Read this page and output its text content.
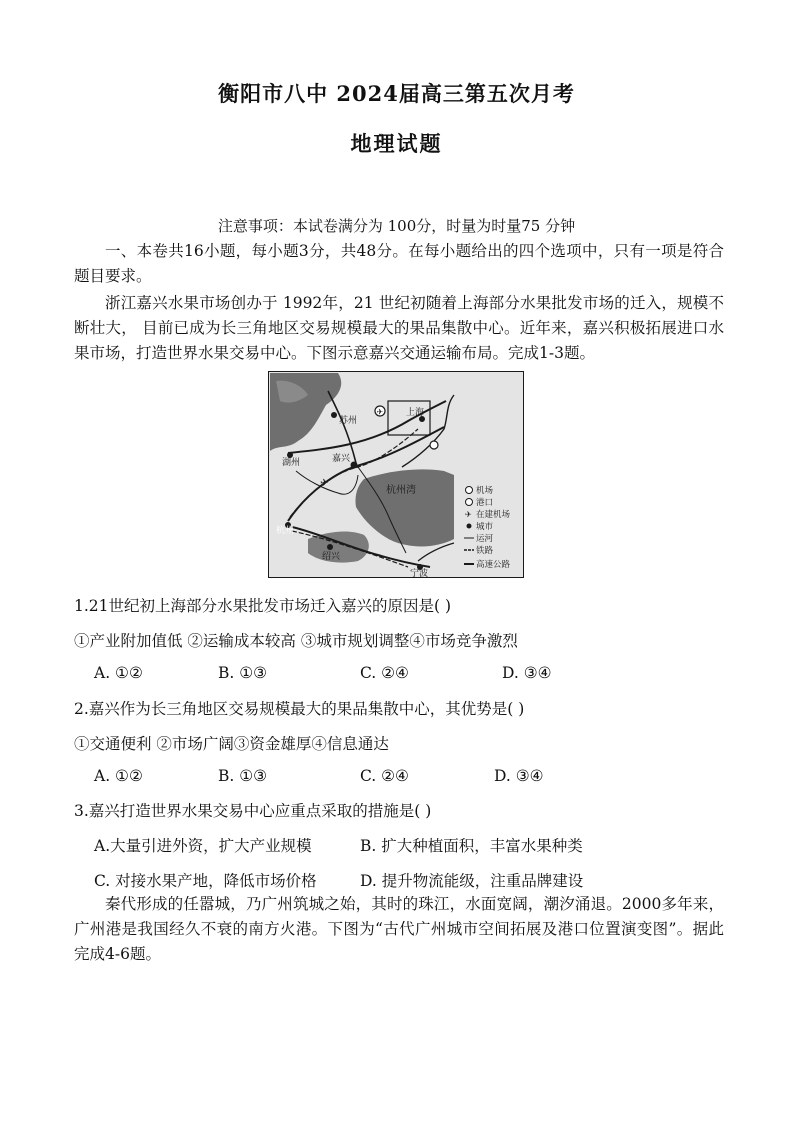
衡阳市八中 2024届高三第五次月考
地理试题
注意事项：本试卷满分为 100分，时量为时量75 分钟
一、本卷共16小题，每小题3分，共48分。在每小题给出的四个选项中，只有一项是符合题目要求。
浙江嘉兴水果市场创办于 1992年，21 世纪初随着上海部分水果批发市场的迁入，规模不断壮大， 目前已成为长三角地区交易规模最大的果品集散中心。近年来，嘉兴积极拓展进口水果市场，打造世界水果交易中心。下图示意嘉兴交通运输布局。完成1-3题。
✈
✈
苏州
上海
湖州	嘉兴
杭州
绍兴
宁波
杭州湾	机场
港口
✈ 在建机场
城市
运河
铁路
高速公路
1.21世纪初上海部分水果批发市场迁入嘉兴的原因是( )
①产业附加值低 ②运输成本较高 ③城市规划调整④市场竞争激烈
A. ①②	B. ①③	C. ②④	D. ③④
2.嘉兴作为长三角地区交易规模最大的果品集散中心，其优势是( )
①交通便利 ②市场广阔③资金雄厚④信息通达
A. ①②	B. ①③	C. ②④	D. ③④
3.嘉兴打造世界水果交易中心应重点采取的措施是( )
A.大量引进外资，扩大产业规模	B. 扩大种植面积，丰富水果种类
C. 对接水果产地，降低市场价格	D. 提升物流能级，注重品牌建设
秦代形成的任嚣城，乃广州筑城之始，其时的珠江，水面宽阔，潮汐涌退。2000多年来，广州港是我国经久不衰的南方火港。下图为“古代广州城市空间拓展及港口位置演变图”。据此完成4-6题。
